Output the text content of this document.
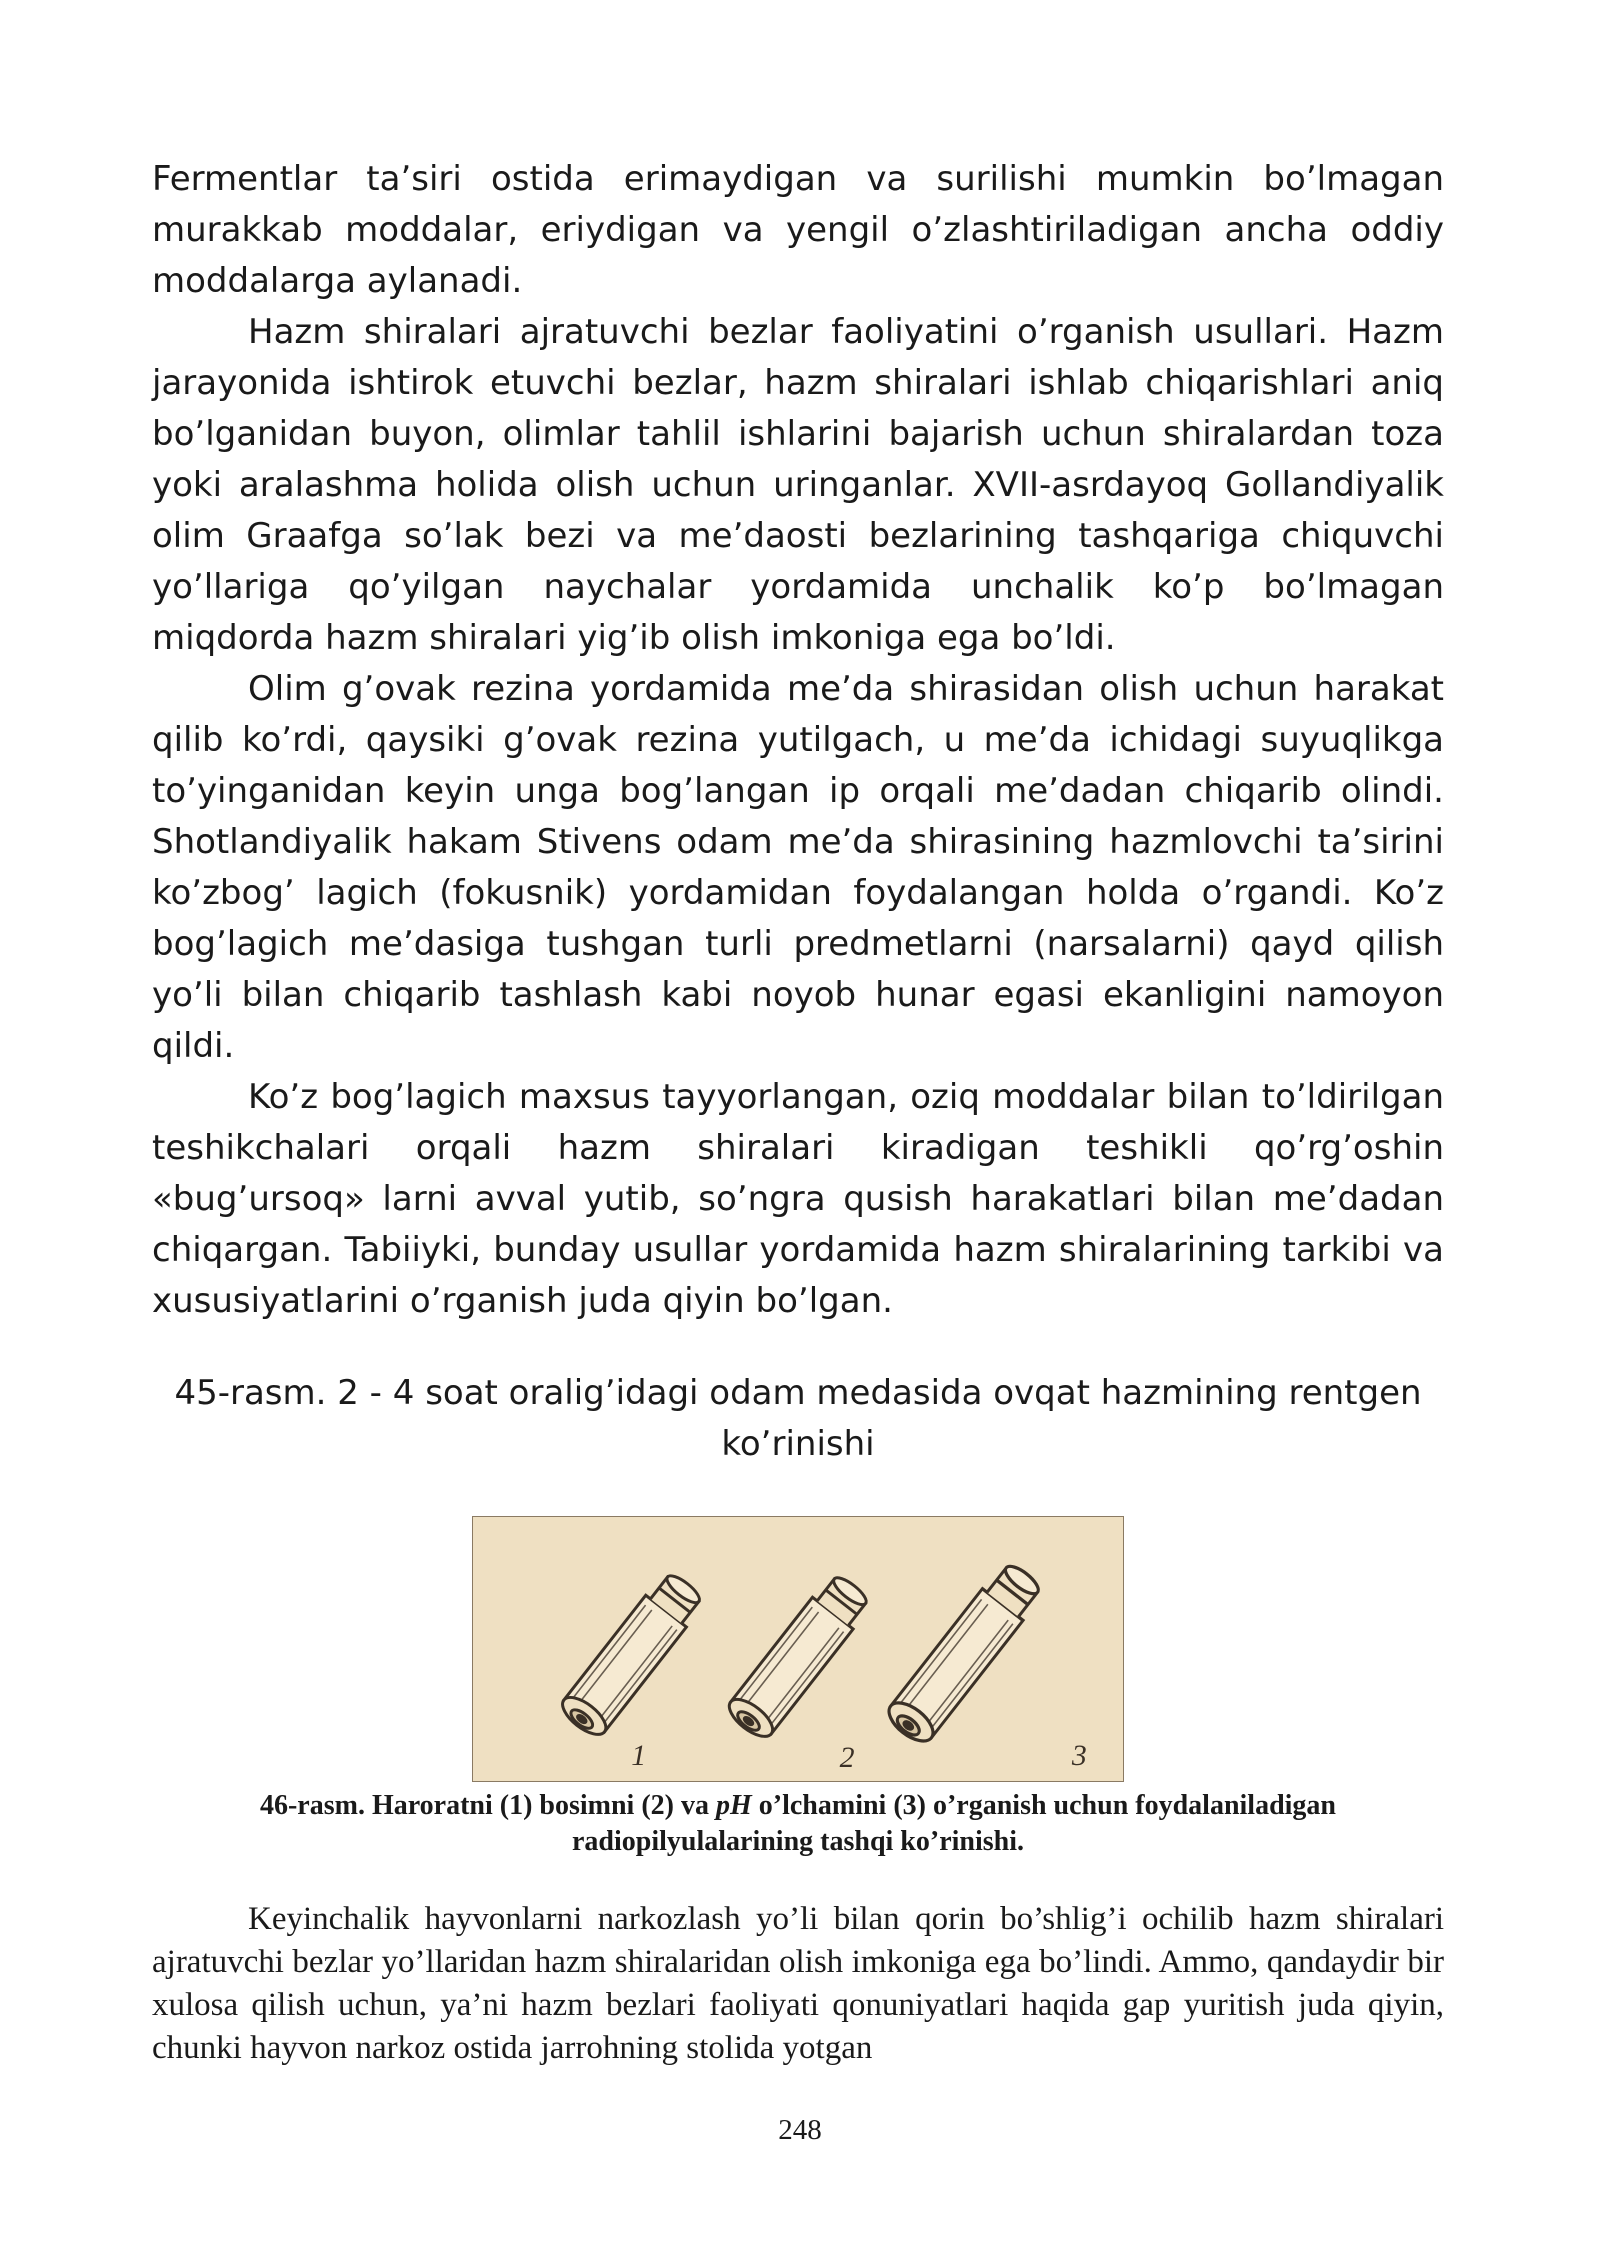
Fermentlar ta’siri ostida erimaydigan va surilishi mumkin bo’lmagan murakkab moddalar, eriydigan va yengil o’zlashtiriladigan ancha oddiy moddalarga aylanadi.

Hazm shiralari ajratuvchi bezlar faoliyatini o’rganish usullari. Hazm jarayonida ishtirok etuvchi bezlar, hazm shiralari ishlab chiqarishlari aniq bo’lganidan buyon, olimlar tahlil ishlarini bajarish uchun shiralardan toza yoki aralashma holida olish uchun uringanlar. XVII-asrdayoq Gollandiyalik olim Graafga so’lak bezi va me’daosti bezlarining tashqariga chiquvchi yo’llariga qo’yilgan naychalar yordamida unchalik ko’p bo’lmagan miqdorda hazm shiralari yig’ib olish imkoniga ega bo’ldi.

Olim g’ovak rezina yordamida me’da shirasidan olish uchun harakat qilib ko’rdi, qaysiki g’ovak rezina yutilgach, u me’da ichidagi suyuqlikga to’yinganidan keyin unga bog’langan ip orqali me’dadan chiqarib olindi. Shotlandiyalik hakam Stivens odam me’da shirasining hazmlovchi ta’sirini ko’zbog’ lagich (fokusnik) yordamidan foydalangan holda o’rgandi. Ko’z bog’lagich me’dasiga tushgan turli predmetlarni (narsalarni) qayd qilish yo’li bilan chiqarib tashlash kabi noyob hunar egasi ekanligini namoyon qildi.

Ko’z bog’lagich maxsus tayyorlangan, oziq moddalar bilan to’ldirilgan teshikchalari orqali hazm shiralari kiradigan teshikli qo’rg’oshin «bug’ursoq» larni avval yutib, so’ngra qusish harakatlari bilan me’dadan chiqargan. Tabiiyki, bunday usullar yordamida hazm shiralarining tarkibi va xususiyatlarini o’rganish juda qiyin bo’lgan.

45-rasm. 2 - 4 soat oralig’idagi odam medasida ovqat hazmining rentgen ko’rinishi
1	2	3
46-rasm. Haroratni (1) bosimni (2) va pH o’lchamini (3) o’rganish uchun foydalaniladigan radiopilyulalarining tashqi ko’rinishi.

Keyinchalik hayvonlarni narkozlash yo’li bilan qorin bo’shlig’i ochilib hazm shiralari ajratuvchi bezlar yo’llaridan hazm shiralaridan olish imkoniga ega bo’lindi. Ammo, qandaydir bir xulosa qilish uchun, ya’ni hazm bezlari faoliyati qonuniyatlari haqida gap yuritish juda qiyin, chunki hayvon narkoz ostida jarrohning stolida yotgan

248
